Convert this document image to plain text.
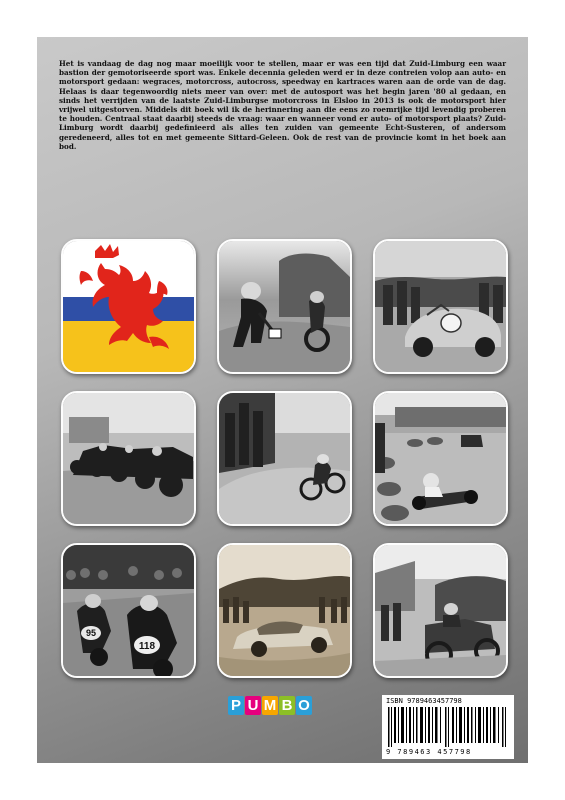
Het is vandaag de dag nog maar moeilijk voor te stellen, maar er was een tijd dat Zuid-Limburg een waar bastion der gemotoriseerde sport was. Enkele decennia geleden werd er in deze contreien volop aan auto- en motorsport gedaan: wegraces, motorcross, autocross, speedway en kartraces waren aan de orde van de dag. Helaas is daar tegenwoordig niets meer van over: met de autosport was het begin jaren '80 al gedaan, en sinds het verrijden van de laatste Zuid-Limburgse motorcross in Elsloo in 2013 is ook de motorsport hier vrijwel uitgestorven. Middels dit boek wil ik de herinnering aan die eens zo roemrijke tijd levendig proberen te houden. Centraal staat daarbij steeds de vraag: waar en wanneer vond er auto- of motorsport plaats? Zuid-Limburg wordt daarbij gedefinieerd als alles ten zuiden van gemeente Echt-Susteren, of andersom geredeneerd, alles tot en met gemeente Sittard-Geleen. Ook de rest van de provincie komt in het boek aan bod.

95
118
P U M B O	ISBN 9789463457798
9 789463 457798
